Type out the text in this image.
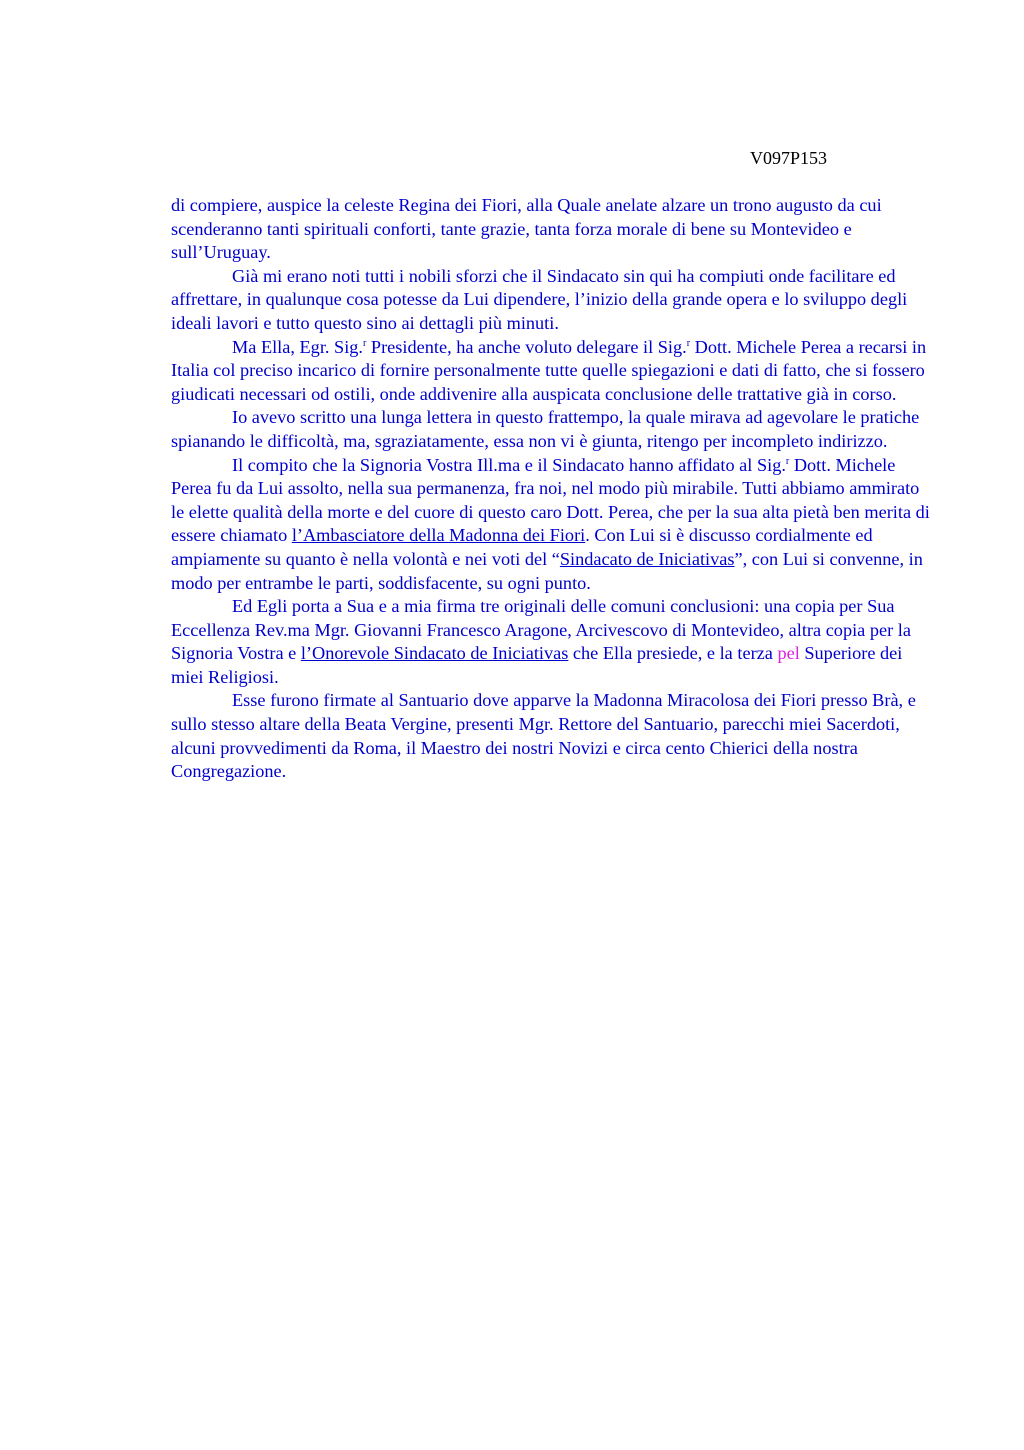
V097P153

di compiere, auspice la celeste Regina dei Fiori, alla Quale anelate alzare un trono augusto da cui scenderanno tanti spirituali conforti, tante grazie, tanta forza morale di bene su Montevideo e sull’Uruguay.

Già mi erano noti tutti i nobili sforzi che il Sindacato sin qui ha compiuti onde facilitare ed affrettare, in qualunque cosa potesse da Lui dipendere, l’inizio della grande opera e lo sviluppo degli ideali lavori e tutto questo sino ai dettagli più minuti.

Ma Ella, Egr. Sig.$^r$ Presidente, ha anche voluto delegare il Sig.$^r$ Dott. Michele Perea a recarsi in Italia col preciso incarico di fornire personalmente tutte quelle spiegazioni e dati di fatto, che si fossero giudicati necessari od ostili, onde addivenire alla auspicata conclusione delle trattative già in corso.

Io avevo scritto una lunga lettera in questo frattempo, la quale mirava ad agevolare le pratiche spianando le difficoltà, ma, sgraziatamente, essa non vi è giunta, ritengo per incompleto indirizzo.

Il compito che la Signoria Vostra Ill.ma e il Sindacato hanno affidato al Sig.$^r$ Dott. Michele Perea fu da Lui assolto, nella sua permanenza, fra noi, nel modo più mirabile. Tutti abbiamo ammirato le elette qualità della morte e del cuore di questo caro Dott. Perea, che per la sua alta pietà ben merita di essere chiamato l’Ambasciatore della Madonna dei Fiori. Con Lui si è discusso cordialmente ed ampiamente su quanto è nella volontà e nei voti del “Sindacato de Iniciativas”, con Lui si convenne, in modo per entrambe le parti, soddisfacente, su ogni punto.

Ed Egli porta a Sua e a mia firma tre originali delle comuni conclusioni: una copia per Sua Eccellenza Rev.ma Mgr. Giovanni Francesco Aragone, Arcivescovo di Montevideo, altra copia per la Signoria Vostra e l’Onorevole Sindacato de Iniciativas che Ella presiede, e la terza pel Superiore dei miei Religiosi.

Esse furono firmate al Santuario dove apparve la Madonna Miracolosa dei Fiori presso Brà, e sullo stesso altare della Beata Vergine, presenti Mgr. Rettore del Santuario, parecchi miei Sacerdoti, alcuni provvedimenti da Roma, il Maestro dei nostri Novizi e circa cento Chierici della nostra Congregazione.
